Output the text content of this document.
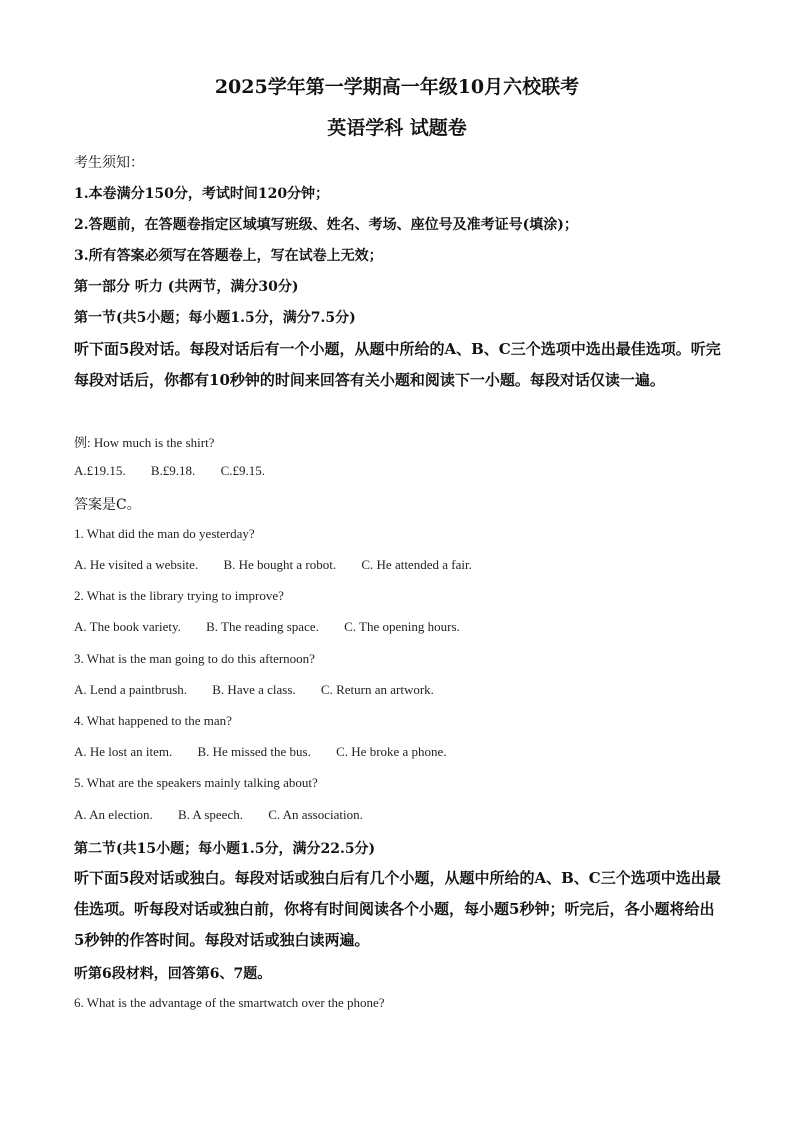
2025学年第一学期高一年级10月六校联考
英语学科 试题卷
考生须知：
1.本卷满分150分，考试时间120分钟；
2.答题前，在答题卷指定区域填写班级、姓名、考场、座位号及准考证号(填涂)；
3.所有答案必须写在答题卷上，写在试卷上无效；
第一部分 听力 (共两节，满分30分)
第一节(共5小题；每小题1.5分，满分7.5分)
听下面5段对话。每段对话后有一个小题，从题中所给的A、B、C三个选项中选出最佳选项。听完每段对话后，你都有10秒钟的时间来回答有关小题和阅读下一小题。每段对话仅读一遍。
例: How much is the shirt?
A.£19.15. B.£9.18. C.£9.15.
答案是C。
1. What did the man do yesterday?
A. He visited a website. B. He bought a robot. C. He attended a fair.
2. What is the library trying to improve?
A. The book variety. B. The reading space. C. The opening hours.
3. What is the man going to do this afternoon?
A. Lend a paintbrush. B. Have a class. C. Return an artwork.
4. What happened to the man?
A. He lost an item. B. He missed the bus. C. He broke a phone.
5. What are the speakers mainly talking about?
A. An election. B. A speech. C. An association.
第二节(共15小题；每小题1.5分，满分22.5分)
听下面5段对话或独白。每段对话或独白后有几个小题，从题中所给的A、B、C三个选项中选出最佳选项。听每段对话或独白前，你将有时间阅读各个小题，每小题5秒钟；听完后，各小题将给出5秒钟的作答时间。每段对话或独白读两遍。
听第6段材料，回答第6、7题。
6. What is the advantage of the smartwatch over the phone?
